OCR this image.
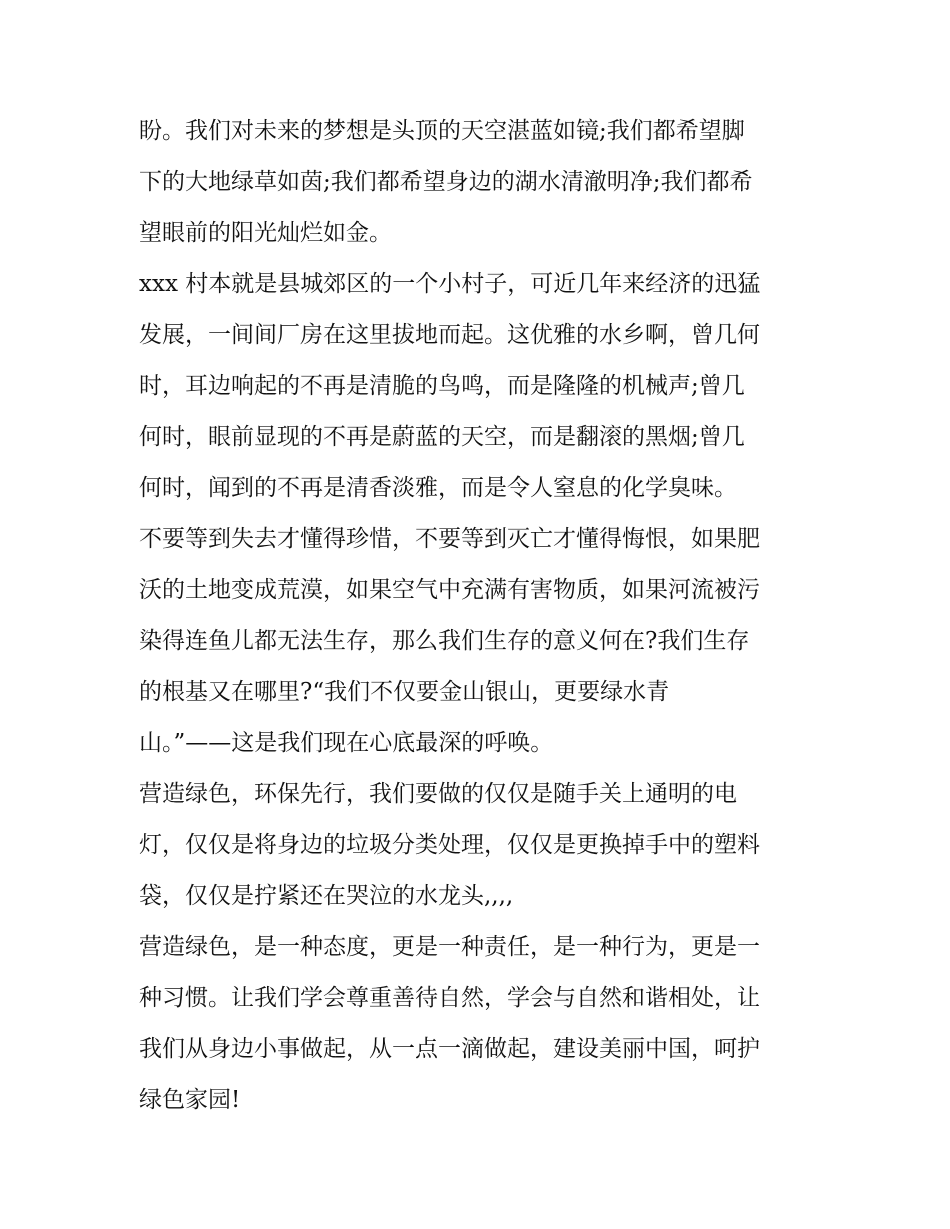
盼。我们对未来的梦想是头顶的天空湛蓝如镜;我们都希望脚
下的大地绿草如茵;我们都希望身边的湖水清澈明净;我们都希
望眼前的阳光灿烂如金。
xxx 村本就是县城郊区的一个小村子，可近几年来经济的迅猛
发展，一间间厂房在这里拔地而起。这优雅的水乡啊，曾几何
时，耳边响起的不再是清脆的鸟鸣，而是隆隆的机械声;曾几
何时，眼前显现的不再是蔚蓝的天空，而是翻滚的黑烟;曾几
何时，闻到的不再是清香淡雅，而是令人窒息的化学臭味。
不要等到失去才懂得珍惜，不要等到灭亡才懂得悔恨，如果肥
沃的土地变成荒漠，如果空气中充满有害物质，如果河流被污
染得连鱼儿都无法生存，那么我们生存的意义何在?我们生存
的根基又在哪里?“我们不仅要金山银山，更要绿水青
山。”——这是我们现在心底最深的呼唤。
营造绿色，环保先行，我们要做的仅仅是随手关上通明的电
灯，仅仅是将身边的垃圾分类处理，仅仅是更换掉手中的塑料
袋，仅仅是拧紧还在哭泣的水龙头,,,,
营造绿色，是一种态度，更是一种责任，是一种行为，更是一
种习惯。让我们学会尊重善待自然，学会与自然和谐相处，让
我们从身边小事做起，从一点一滴做起，建设美丽中国，呵护
绿色家园!
